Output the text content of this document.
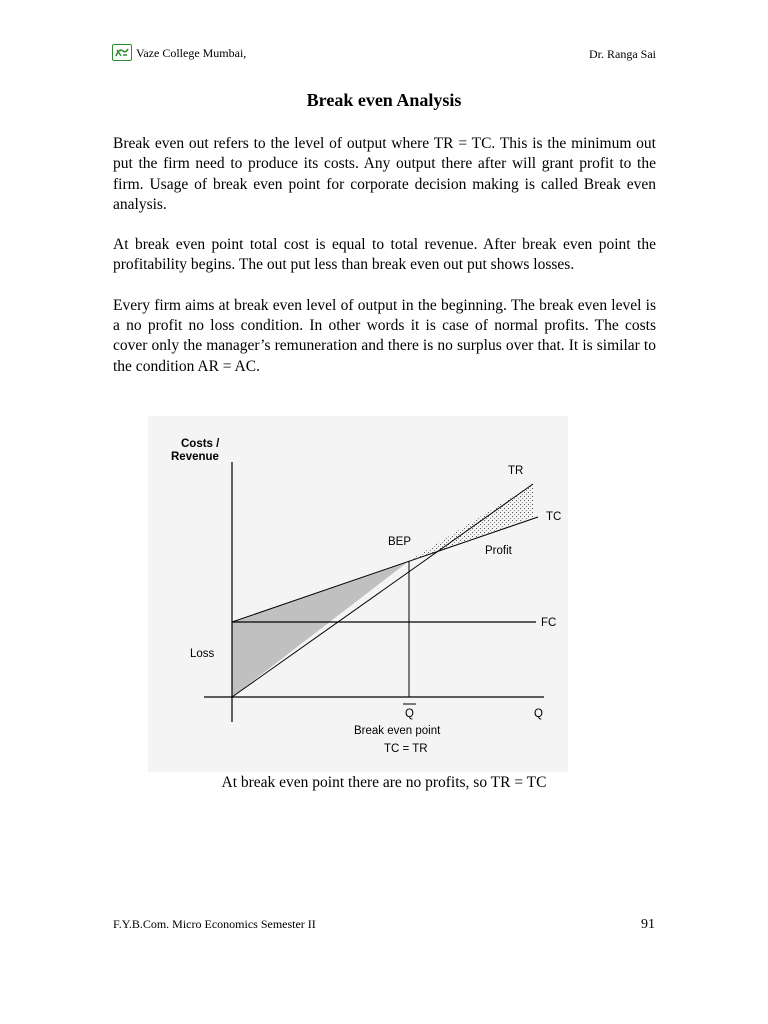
Vaze College Mumbai,	Dr. Ranga Sai
Break even Analysis

Break even out refers to the level of output where TR = TC. This is the minimum out put the firm need to produce its costs. Any output there after will grant profit to the firm. Usage of break even point for corporate decision making is called Break even analysis.

At break even point total cost is equal to total revenue. After break even point the profitability begins. The out put less than break even out put shows losses.

Every firm aims at break even level of output in the beginning. The break even level is a no profit no loss condition. In other words it is case of normal profits. The costs cover only the manager’s remuneration and there is no surplus over that. It is similar to the condition AR = AC.

Costs /
Revenue
TR
TC
FC
BEP
Profit
Loss
Q	Q
Break even point
TC = TR
At break even point there are no profits, so TR = TC
F.Y.B.Com. Micro Economics Semester II	91
